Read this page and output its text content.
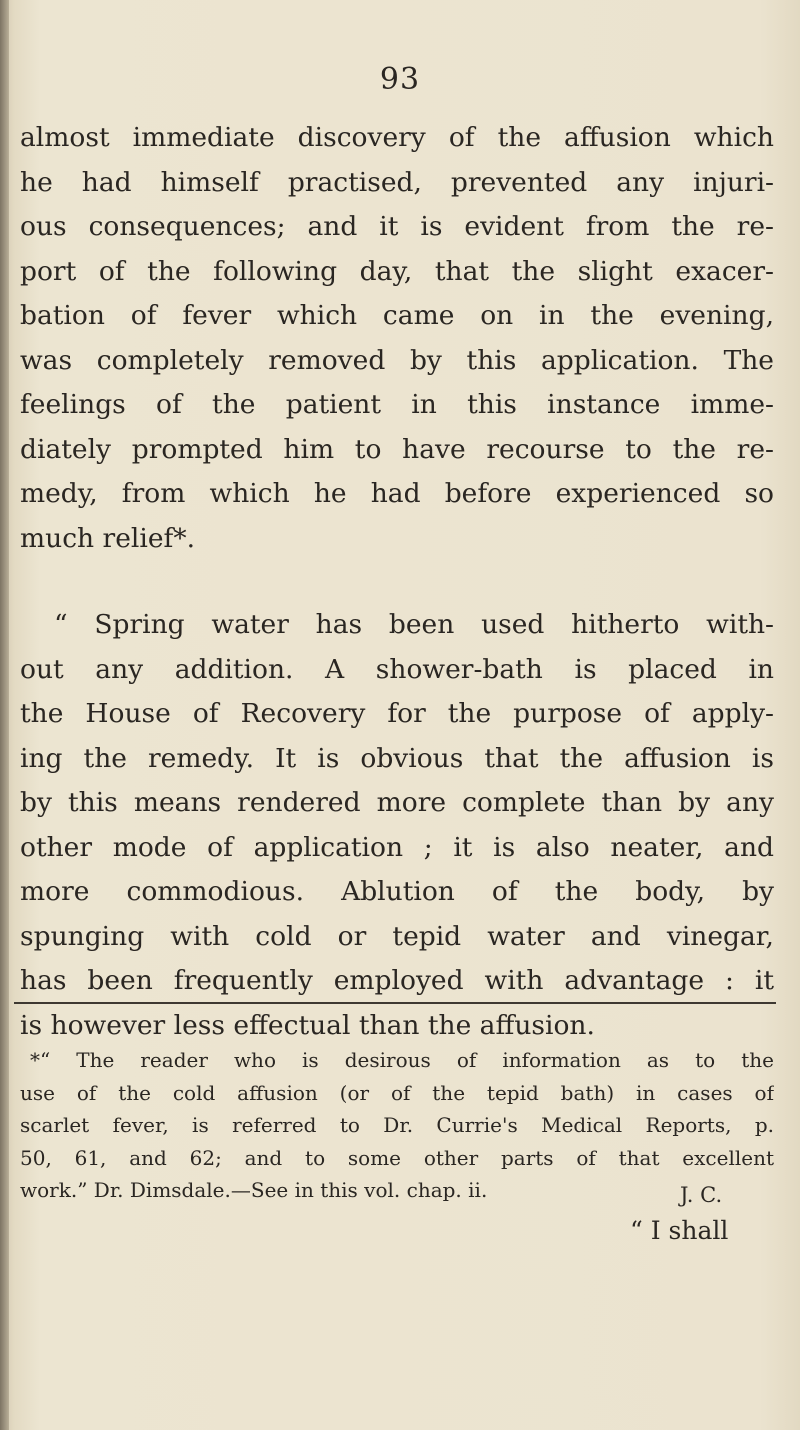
93
almost immediate discovery of the affusion which
he had himself practised, prevented any injuri-
ous consequences; and it is evident from the re-
port of the following day, that the slight exacer-
bation of fever which came on in the evening,
was completely removed by this application. The
feelings of the patient in this instance imme-
diately prompted him to have recourse to the re-
medy, from which he had before experienced so
much relief*.
“ Spring water has been used hitherto with-
out any addition. A shower-bath is placed in
the House of Recovery for the purpose of apply-
ing the remedy. It is obvious that the affusion is
by this means rendered more complete than by any
other mode of application ; it is also neater, and
more commodious. Ablution of the body, by
spunging with cold or tepid water and vinegar,
has been frequently employed with advantage : it
is however less effectual than the affusion.
*“ The reader who is desirous of information as to the
use of the cold affusion (or of the tepid bath) in cases of
scarlet fever, is referred to Dr. Currie's Medical Reports, p.
50, 61, and 62; and to some other parts of that excellent
work.” Dr. Dimsdale.—See in this vol. chap. ii.	J. C.
“ I shall
